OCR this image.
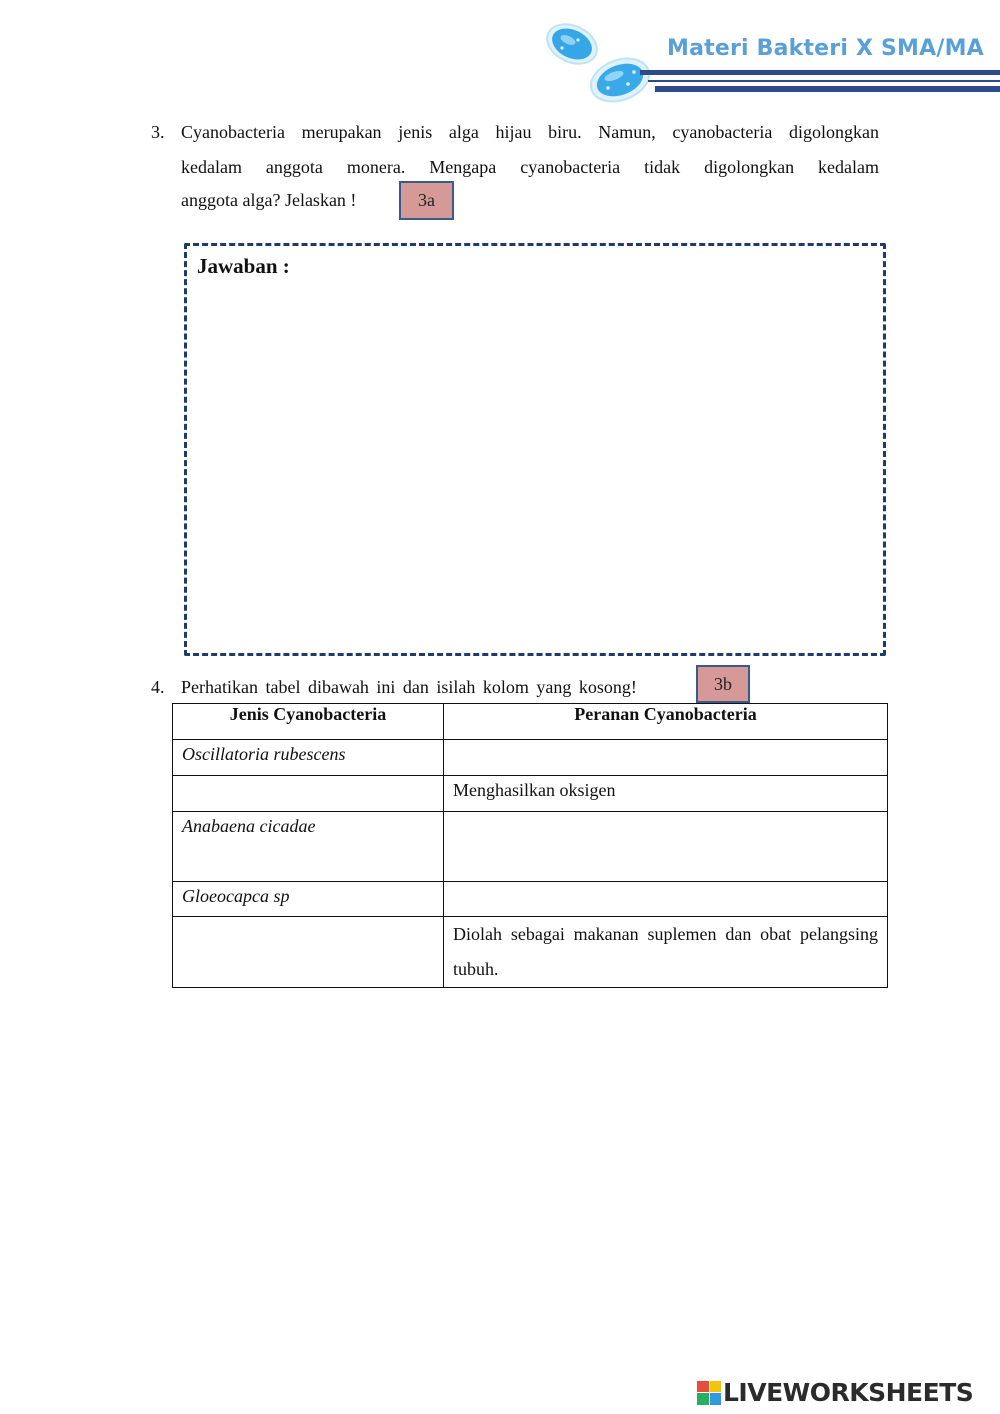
Materi Bakteri X SMA/MA
3. Cyanobacteria merupakan jenis alga hijau biru. Namun, cyanobacteria digolongkan
kedalam anggota monera. Mengapa cyanobacteria tidak digolongkan kedalam
anggota alga? Jelaskan !	3a
Jawaban :
4. Perhatikan tabel dibawah ini dan isilah kolom yang kosong!	3b
Jenis Cyanobacteria	Peranan Cyanobacteria
Oscillatoria rubescens	
	Menghasilkan oksigen
Anabaena cicadae	
Gloeocapca sp	
	Diolah sebagai makanan suplemen dan obat pelangsing tubuh.
LIVEWORKSHEETS
